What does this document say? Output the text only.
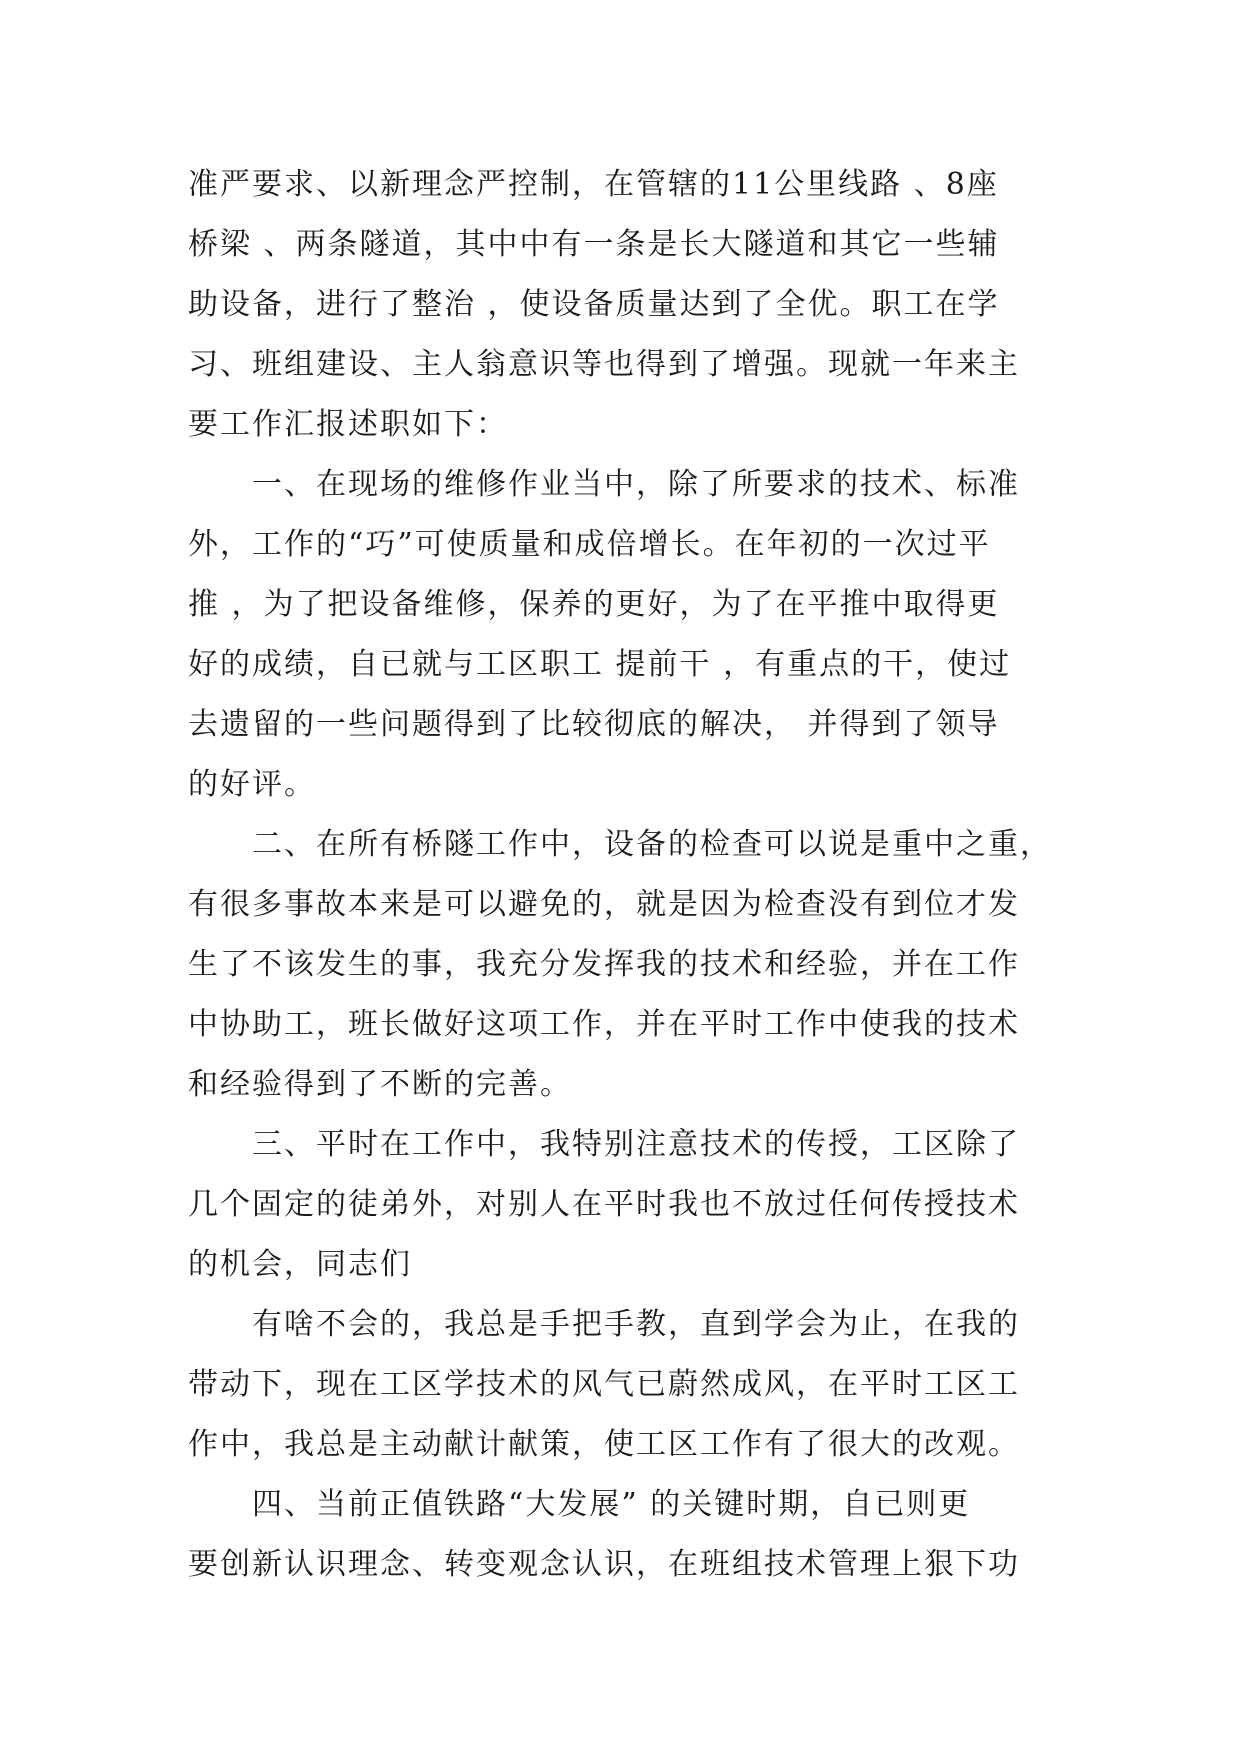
准严要求、以新理念严控制，在管辖的11公里线路 、8座
桥梁 、两条隧道，其中中有一条是长大隧道和其它一些辅
助设备，进行了整治 ，使设备质量达到了全优。职工在学
习、班组建设、主人翁意识等也得到了增强。现就一年来主
要工作汇报述职如下：
一、在现场的维修作业当中，除了所要求的技术、标准
外，工作的“巧”可使质量和成倍增长。在年初的一次过平
推 ，为了把设备维修，保养的更好，为了在平推中取得更
好的成绩，自已就与工区职工 提前干 ，有重点的干，使过
去遗留的一些问题得到了比较彻底的解决， 并得到了领导
的好评。
二、在所有桥隧工作中，设备的检查可以说是重中之重，
有很多事故本来是可以避免的，就是因为检查没有到位才发
生了不该发生的事，我充分发挥我的技术和经验，并在工作
中协助工，班长做好这项工作，并在平时工作中使我的技术
和经验得到了不断的完善。
三、平时在工作中，我特别注意技术的传授，工区除了
几个固定的徒弟外，对别人在平时我也不放过任何传授技术
的机会，同志们
有啥不会的，我总是手把手教，直到学会为止，在我的
带动下，现在工区学技术的风气已蔚然成风，在平时工区工
作中，我总是主动献计献策，使工区工作有了很大的改观。
四、当前正值铁路“大发展” 的关键时期，自已则更
要创新认识理念、转变观念认识，在班组技术管理上狠下功
